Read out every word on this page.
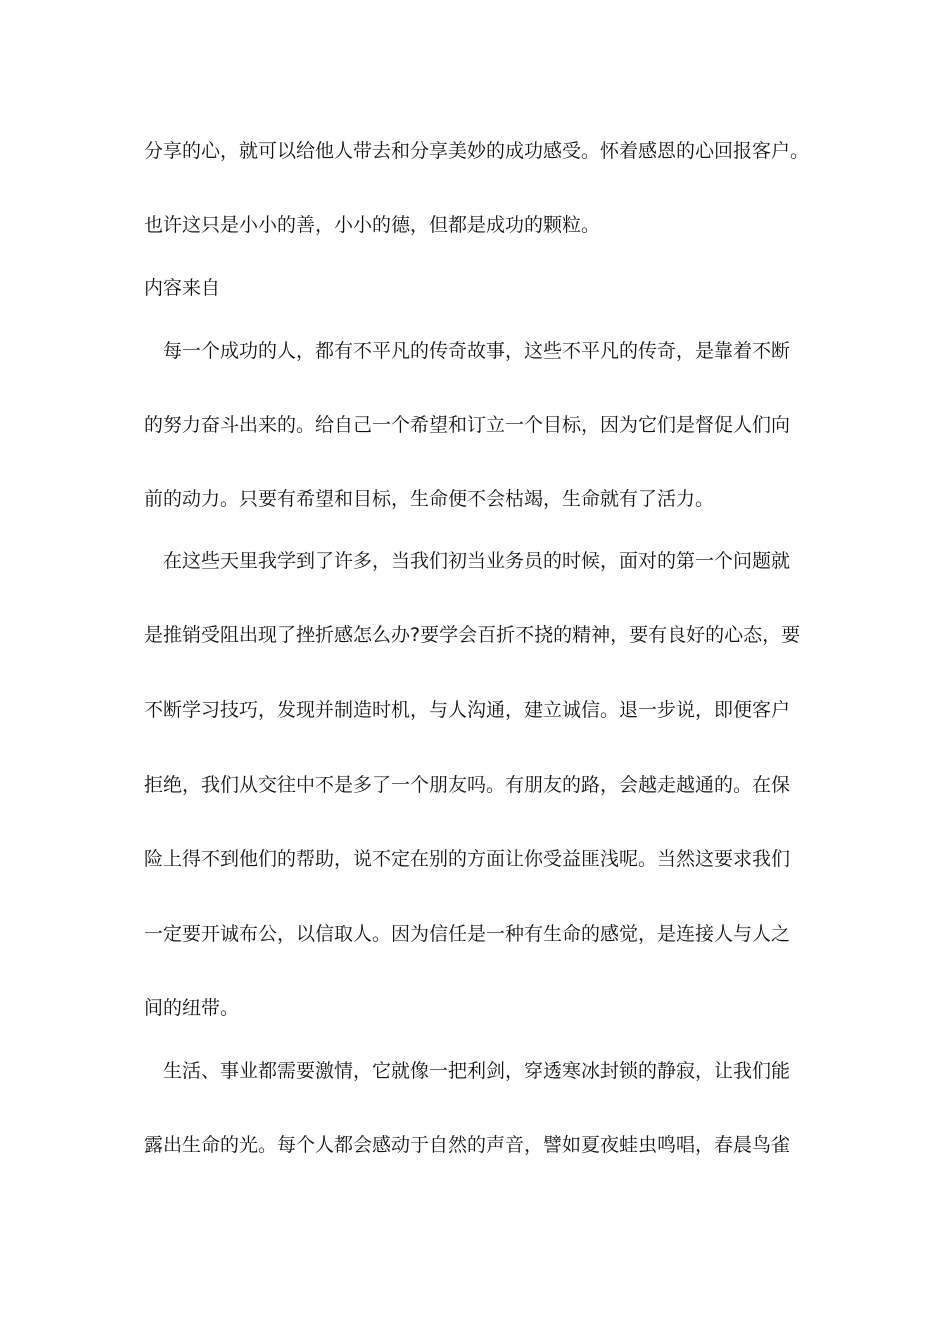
分享的心，就可以给他人带去和分享美妙的成功感受。怀着感恩的心回报客户。
也许这只是小小的善，小小的德，但都是成功的颗粒。
内容来自
每一个成功的人，都有不平凡的传奇故事，这些不平凡的传奇，是靠着不断
的努力奋斗出来的。给自己一个希望和订立一个目标，因为它们是督促人们向
前的动力。只要有希望和目标，生命便不会枯竭，生命就有了活力。
在这些天里我学到了许多，当我们初当业务员的时候，面对的第一个问题就
是推销受阻出现了挫折感怎么办?要学会百折不挠的精神，要有良好的心态，要
不断学习技巧，发现并制造时机，与人沟通，建立诚信。退一步说，即便客户
拒绝，我们从交往中不是多了一个朋友吗。有朋友的路，会越走越通的。在保
险上得不到他们的帮助，说不定在别的方面让你受益匪浅呢。当然这要求我们
一定要开诚布公，以信取人。因为信任是一种有生命的感觉，是连接人与人之
间的纽带。
生活、事业都需要激情，它就像一把利剑，穿透寒冰封锁的静寂，让我们能
露出生命的光。每个人都会感动于自然的声音，譬如夏夜蛙虫鸣唱，春晨鸟雀
